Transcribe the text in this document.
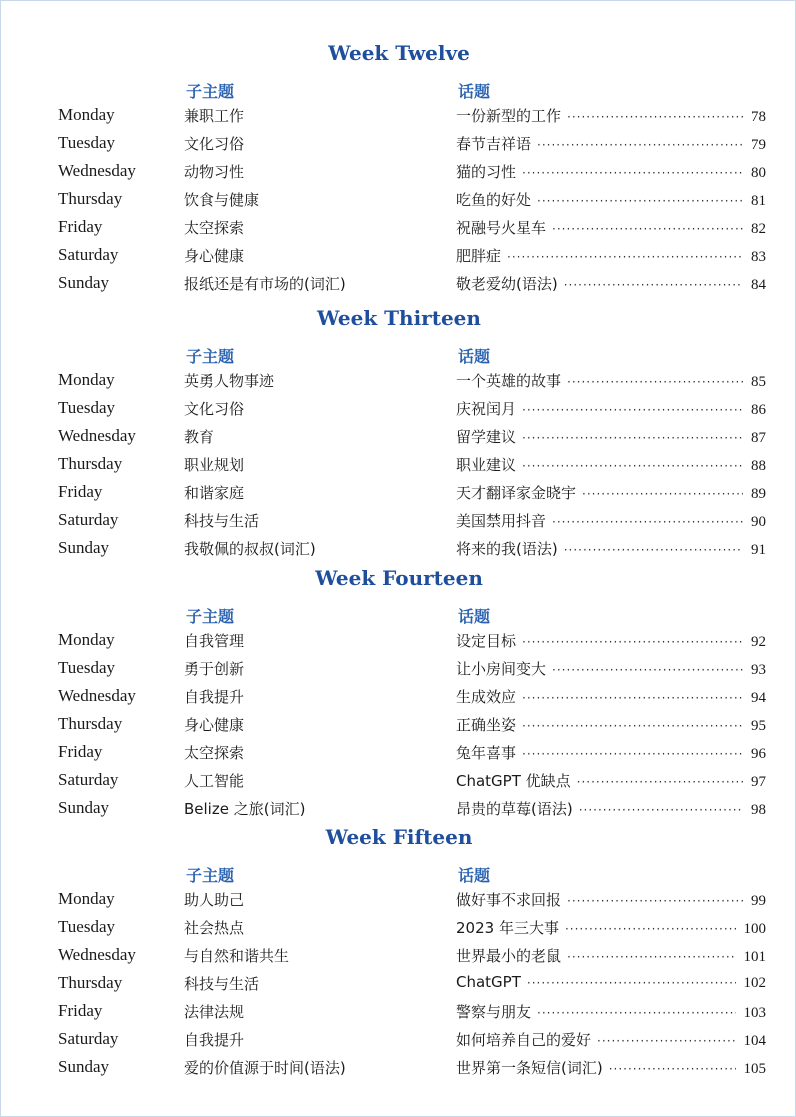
Week Twelve
子主题	话题
Monday	兼职工作	一份新型的工作 ·····	78
Tuesday	文化习俗	春节吉祥语 ·····	79
Wednesday	动物习性	猫的习性 ·····	80
Thursday	饮食与健康	吃鱼的好处 ·····	81
Friday	太空探索	祝融号火星车 ·····	82
Saturday	身心健康	肥胖症 ·····	83
Sunday	报纸还是有市场的(词汇)	敬老爱幼(语法) ·····	84
Week Thirteen
子主题	话题
Monday	英勇人物事迹	一个英雄的故事 ·····	85
Tuesday	文化习俗	庆祝闰月 ·····	86
Wednesday	教育	留学建议 ·····	87
Thursday	职业规划	职业建议 ·····	88
Friday	和谐家庭	天才翻译家金晓宇 ·····	89
Saturday	科技与生活	美国禁用抖音 ·····	90
Sunday	我敬佩的叔叔(词汇)	将来的我(语法) ·····	91
Week Fourteen
子主题	话题
Monday	自我管理	设定目标 ·····	92
Tuesday	勇于创新	让小房间变大 ·····	93
Wednesday	自我提升	生成效应 ·····	94
Thursday	身心健康	正确坐姿 ·····	95
Friday	太空探索	兔年喜事 ·····	96
Saturday	人工智能	ChatGPT 优缺点 ·····	97
Sunday	Belize 之旅(词汇)	昂贵的草莓(语法) ·····	98
Week Fifteen
子主题	话题
Monday	助人助己	做好事不求回报 ·····	99
Tuesday	社会热点	2023 年三大事 ·····	100
Wednesday	与自然和谐共生	世界最小的老鼠 ·····	101
Thursday	科技与生活	ChatGPT ·····	102
Friday	法律法规	警察与朋友 ·····	103
Saturday	自我提升	如何培养自己的爱好 ·····	104
Sunday	爱的价值源于时间(语法)	世界第一条短信(词汇) ·····	105
